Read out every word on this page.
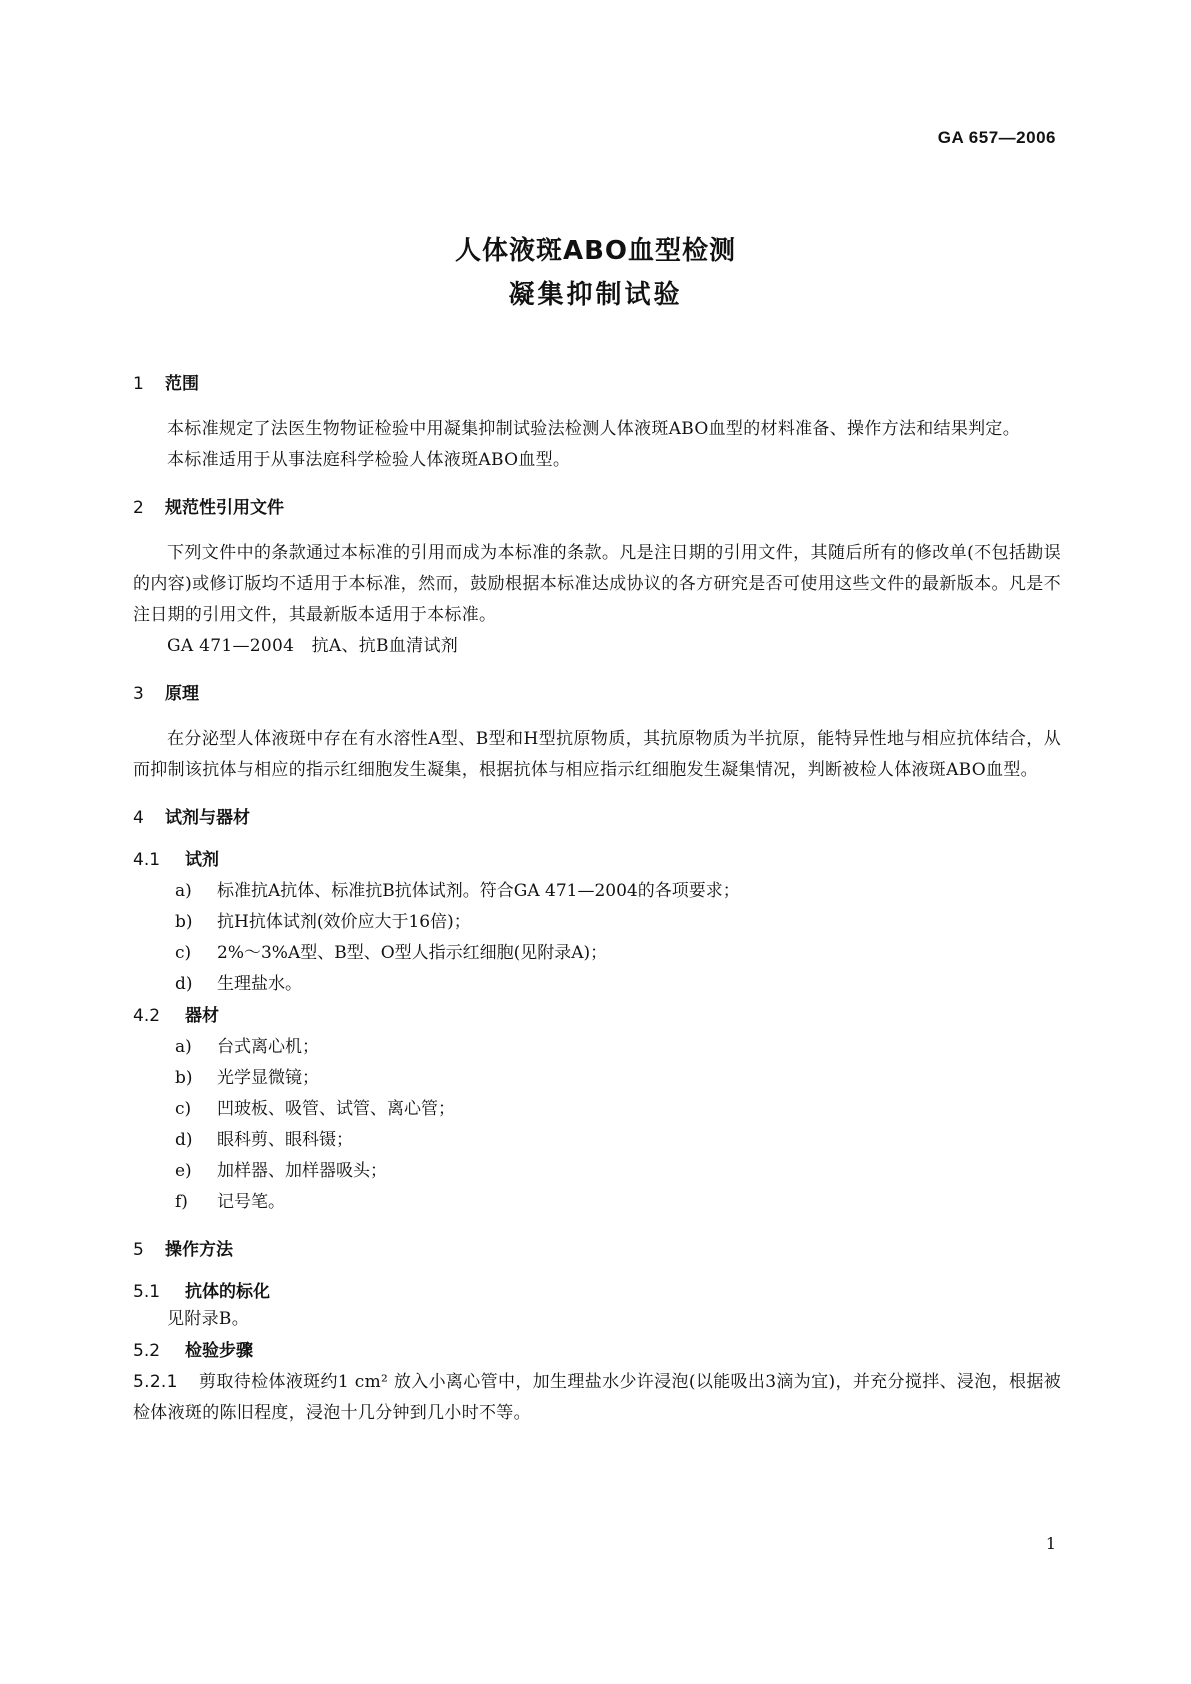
GA 657—2006
人体液斑ABO血型检测
凝集抑制试验
1 范围

本标准规定了法医生物物证检验中用凝集抑制试验法检测人体液斑ABO血型的材料准备、操作方法和结果判定。

本标准适用于从事法庭科学检验人体液斑ABO血型。

2 规范性引用文件

下列文件中的条款通过本标准的引用而成为本标准的条款。凡是注日期的引用文件，其随后所有的修改单(不包括勘误的内容)或修订版均不适用于本标准，然而，鼓励根据本标准达成协议的各方研究是否可使用这些文件的最新版本。凡是不注日期的引用文件，其最新版本适用于本标准。

GA 471—2004　抗A、抗B血清试剂

3 原理

在分泌型人体液斑中存在有水溶性A型、B型和H型抗原物质，其抗原物质为半抗原，能特异性地与相应抗体结合，从而抑制该抗体与相应的指示红细胞发生凝集，根据抗体与相应指示红细胞发生凝集情况，判断被检人体液斑ABO血型。

4 试剂与器材
4.1 试剂
a) 标准抗A抗体、标准抗B抗体试剂。符合GA 471—2004的各项要求；
b) 抗H抗体试剂(效价应大于16倍)；
c) 2%～3%A型、B型、O型人指示红细胞(见附录A)；
d) 生理盐水。
4.2 器材
a) 台式离心机；
b) 光学显微镜；
c) 凹玻板、吸管、试管、离心管；
d) 眼科剪、眼科镊；
e) 加样器、加样器吸头；
f) 记号笔。
5 操作方法
5.1 抗体的标化

见附录B。

5.2 检验步骤

5.2.1 剪取待检体液斑约1 cm² 放入小离心管中，加生理盐水少许浸泡(以能吸出3滴为宜)，并充分搅拌、浸泡，根据被检体液斑的陈旧程度，浸泡十几分钟到几小时不等。

1
